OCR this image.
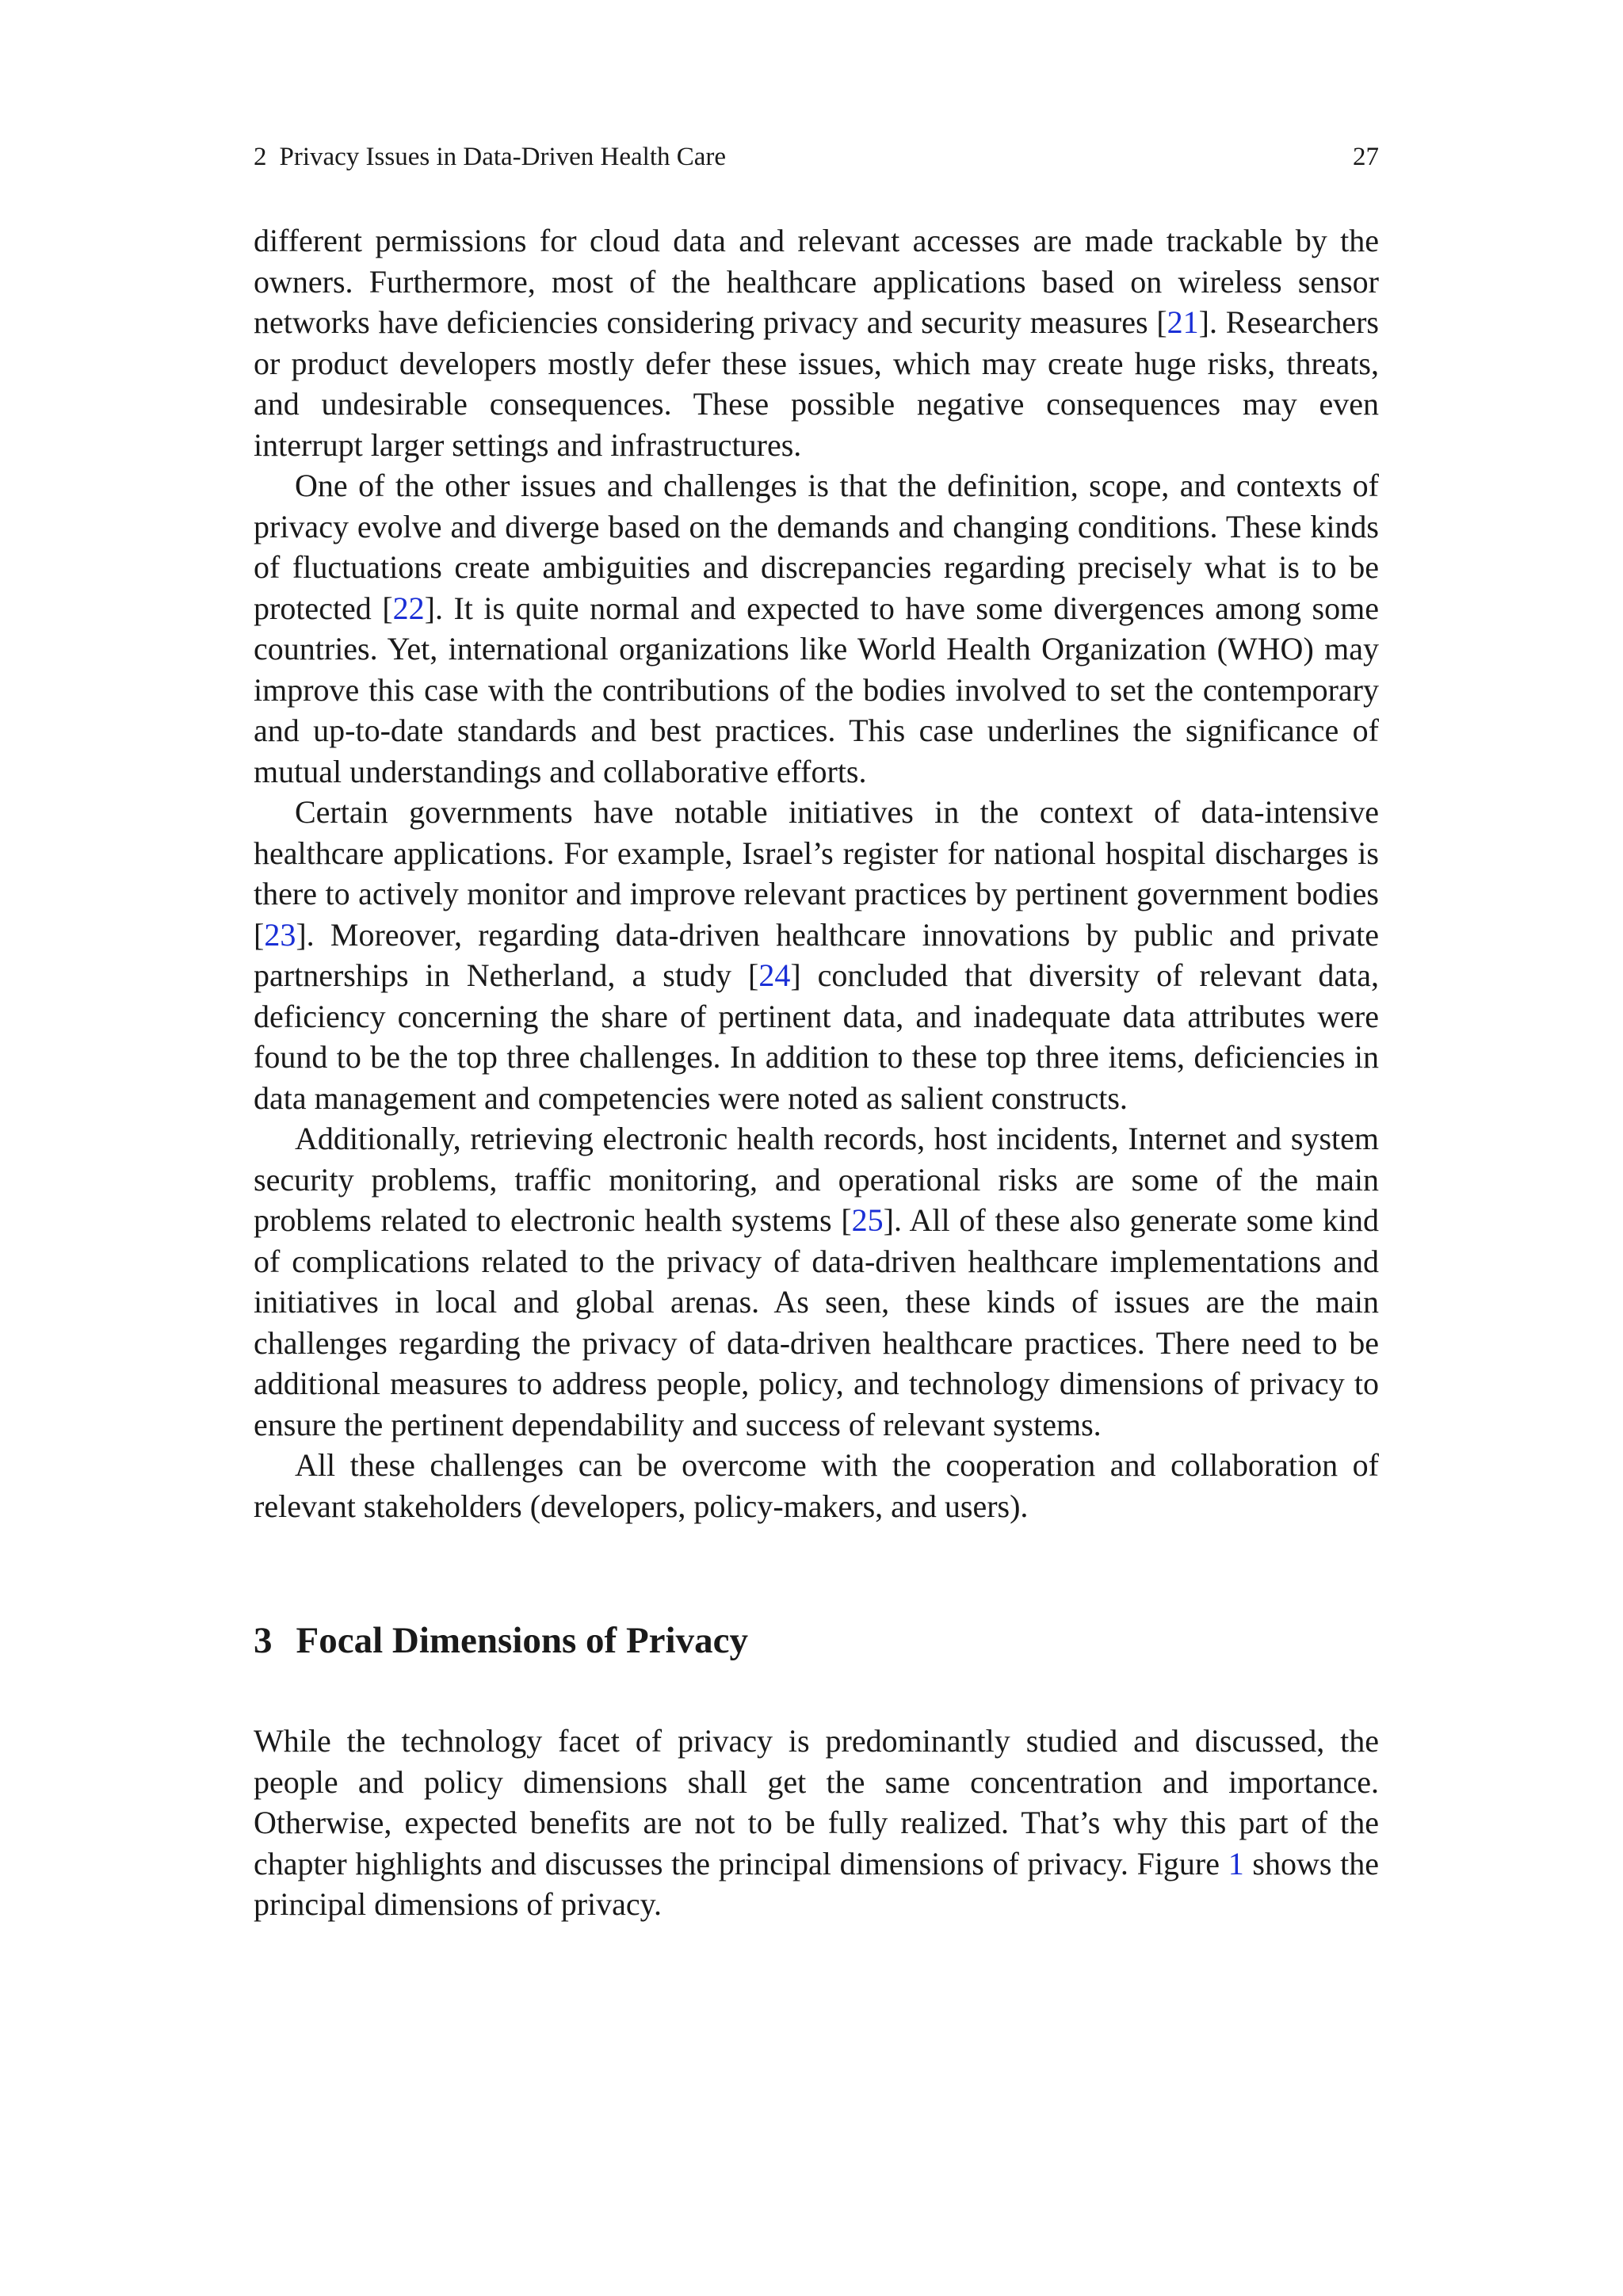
2 Privacy Issues in Data-Driven Health Care	27

different permissions for cloud data and relevant accesses are made trackable by the owners. Furthermore, most of the healthcare applications based on wireless sensor networks have deficiencies considering privacy and security measures [21]. Researchers or product developers mostly defer these issues, which may create huge risks, threats, and undesirable consequences. These possible negative consequences may even interrupt larger settings and infrastructures.

One of the other issues and challenges is that the definition, scope, and contexts of privacy evolve and diverge based on the demands and changing conditions. These kinds of fluctuations create ambiguities and discrepancies regarding precisely what is to be protected [22]. It is quite normal and expected to have some divergences among some countries. Yet, international organizations like World Health Organization (WHO) may improve this case with the contributions of the bodies involved to set the contemporary and up-to-date standards and best practices. This case underlines the significance of mutual understandings and collaborative efforts.

Certain governments have notable initiatives in the context of data-intensive healthcare applications. For example, Israel’s register for national hospital discharges is there to actively monitor and improve relevant practices by pertinent government bodies [23]. Moreover, regarding data-driven healthcare innovations by public and private partnerships in Netherland, a study [24] concluded that diversity of relevant data, deficiency concerning the share of pertinent data, and inadequate data attributes were found to be the top three challenges. In addition to these top three items, deficiencies in data management and competencies were noted as salient constructs.

Additionally, retrieving electronic health records, host incidents, Internet and system security problems, traffic monitoring, and operational risks are some of the main problems related to electronic health systems [25]. All of these also generate some kind of complications related to the privacy of data-driven healthcare implementations and initiatives in local and global arenas. As seen, these kinds of issues are the main challenges regarding the privacy of data-driven healthcare practices. There need to be additional measures to address people, policy, and technology dimensions of privacy to ensure the pertinent dependability and success of relevant systems.

All these challenges can be overcome with the cooperation and collaboration of relevant stakeholders (developers, policy-makers, and users).

3 Focal Dimensions of Privacy

While the technology facet of privacy is predominantly studied and discussed, the people and policy dimensions shall get the same concentration and importance. Otherwise, expected benefits are not to be fully realized. That’s why this part of the chapter highlights and discusses the principal dimensions of privacy. Figure 1 shows the principal dimensions of privacy.
